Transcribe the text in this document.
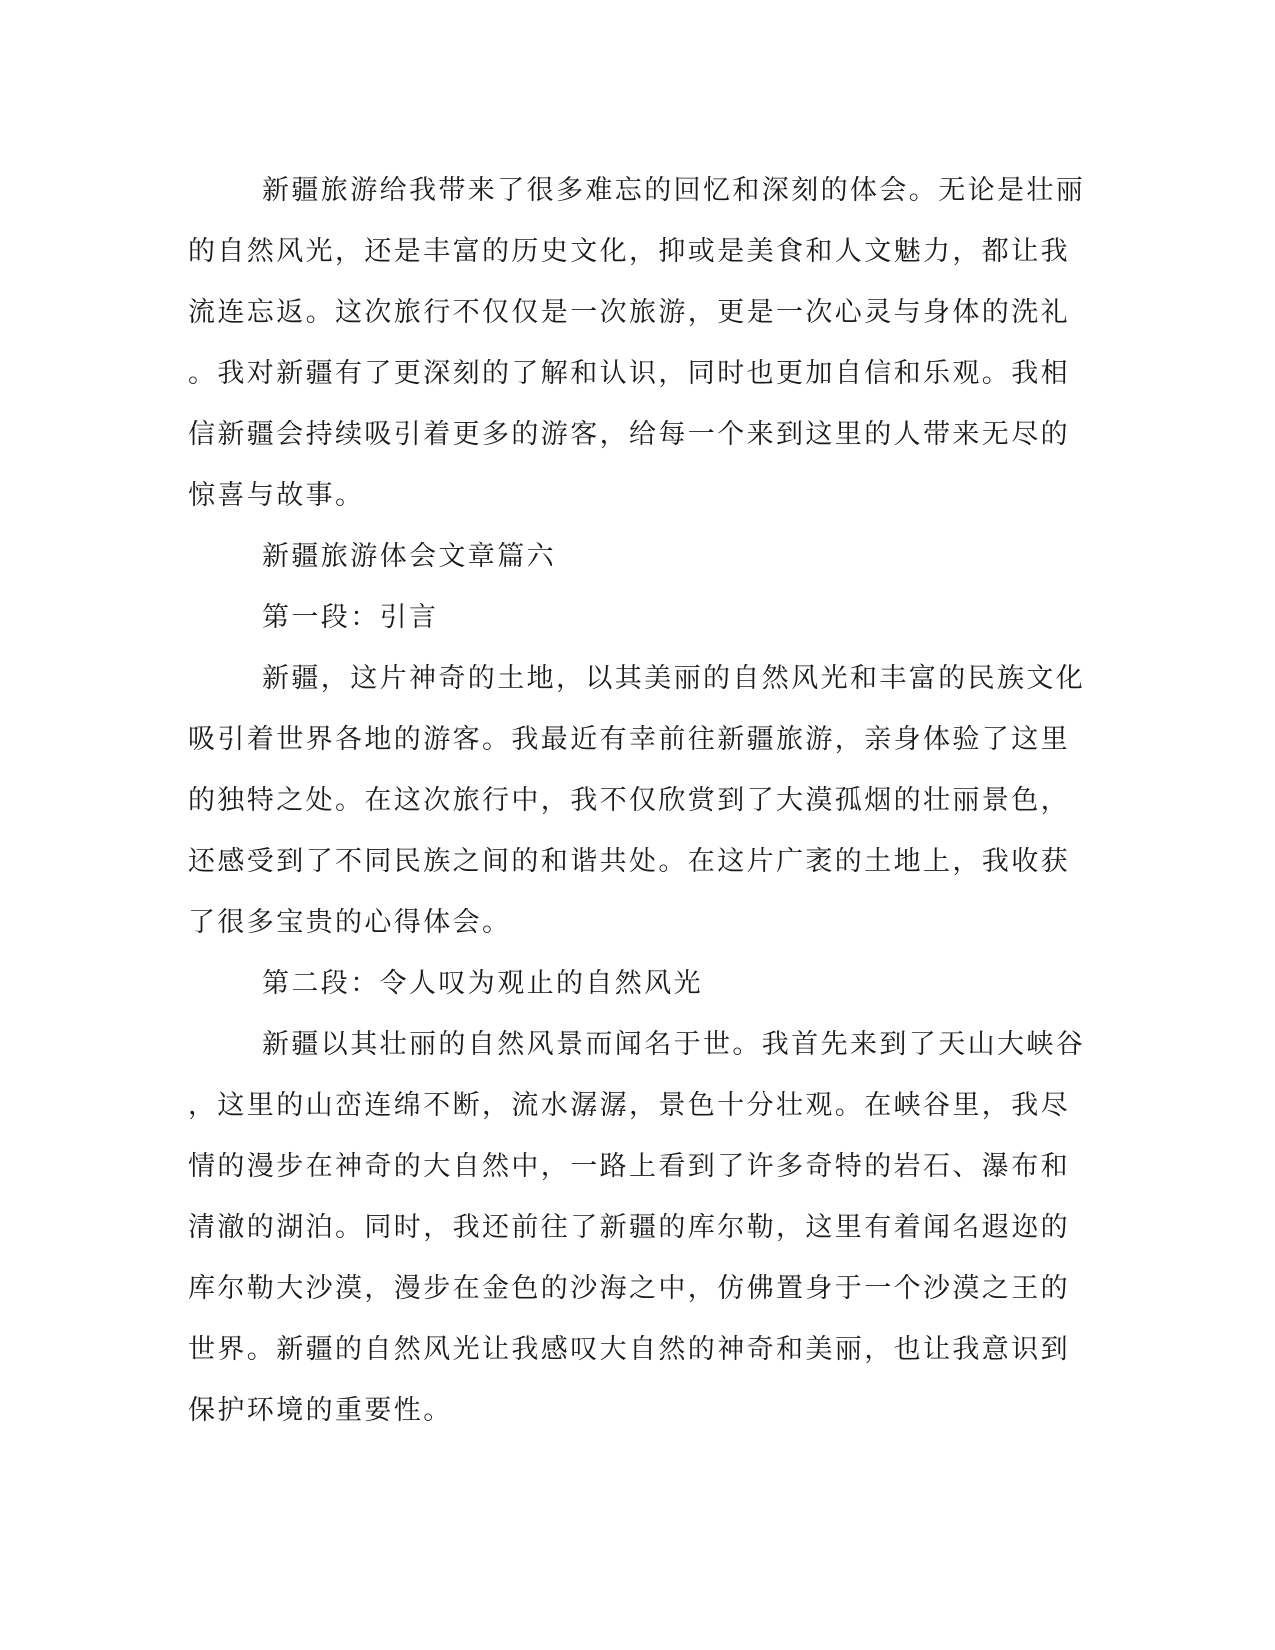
新疆旅游给我带来了很多难忘的回忆和深刻的体会。无论是壮丽
的自然风光，还是丰富的历史文化，抑或是美食和人文魅力，都让我
流连忘返。这次旅行不仅仅是一次旅游，更是一次心灵与身体的洗礼
。我对新疆有了更深刻的了解和认识，同时也更加自信和乐观。我相
信新疆会持续吸引着更多的游客，给每一个来到这里的人带来无尽的
惊喜与故事。
新疆旅游体会文章篇六
第一段：引言
新疆，这片神奇的土地，以其美丽的自然风光和丰富的民族文化
吸引着世界各地的游客。我最近有幸前往新疆旅游，亲身体验了这里
的独特之处。在这次旅行中，我不仅欣赏到了大漠孤烟的壮丽景色，
还感受到了不同民族之间的和谐共处。在这片广袤的土地上，我收获
了很多宝贵的心得体会。
第二段：令人叹为观止的自然风光
新疆以其壮丽的自然风景而闻名于世。我首先来到了天山大峡谷
，这里的山峦连绵不断，流水潺潺，景色十分壮观。在峡谷里，我尽
情的漫步在神奇的大自然中，一路上看到了许多奇特的岩石、瀑布和
清澈的湖泊。同时，我还前往了新疆的库尔勒，这里有着闻名遐迩的
库尔勒大沙漠，漫步在金色的沙海之中，仿佛置身于一个沙漠之王的
世界。新疆的自然风光让我感叹大自然的神奇和美丽，也让我意识到
保护环境的重要性。
